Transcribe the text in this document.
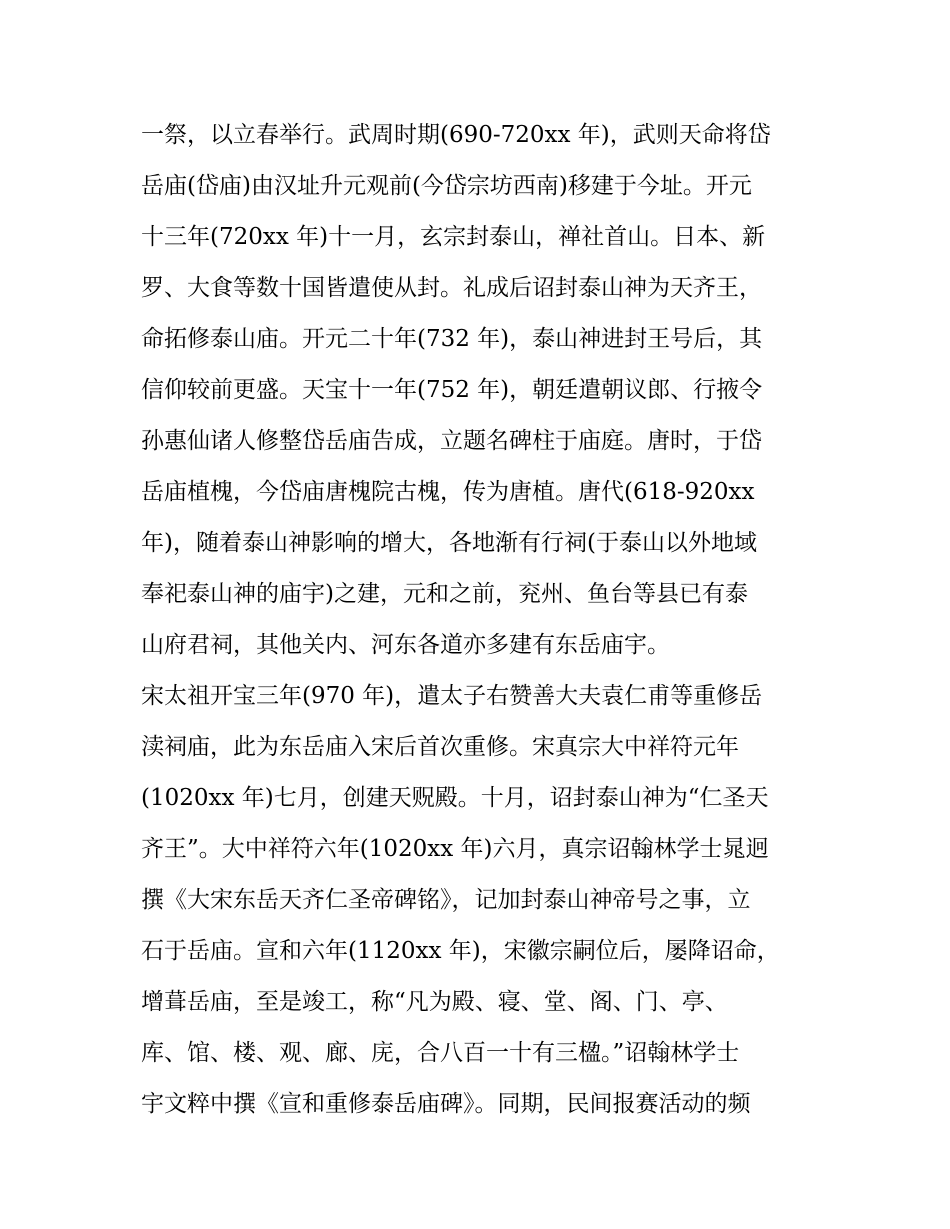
一祭，以立春举行。武周时期(690-720xx 年)，武则天命将岱

岳庙(岱庙)由汉址升元观前(今岱宗坊西南)移建于今址。开元

十三年(720xx 年)十一月，玄宗封泰山，禅社首山。日本、新

罗、大食等数十国皆遣使从封。礼成后诏封泰山神为天齐王，

命拓修泰山庙。开元二十年(732 年)，泰山神进封王号后，其

信仰较前更盛。天宝十一年(752 年)，朝廷遣朝议郎、行掖令

孙惠仙诸人修整岱岳庙告成，立题名碑柱于庙庭。唐时，于岱

岳庙植槐，今岱庙唐槐院古槐，传为唐植。唐代(618-920xx

年)，随着泰山神影响的增大，各地渐有行祠(于泰山以外地域

奉祀泰山神的庙宇)之建，元和之前，兖州、鱼台等县已有泰

山府君祠，其他关内、河东各道亦多建有东岳庙宇。

宋太祖开宝三年(970 年)，遣太子右赞善大夫袁仁甫等重修岳

渎祠庙，此为东岳庙入宋后首次重修。宋真宗大中祥符元年

(1020xx 年)七月，创建天贶殿。十月，诏封泰山神为“仁圣天

齐王”。大中祥符六年(1020xx 年)六月，真宗诏翰林学士晁迥

撰《大宋东岳天齐仁圣帝碑铭》，记加封泰山神帝号之事，立

石于岳庙。宣和六年(1120xx 年)，宋徽宗嗣位后，屡降诏命，

增葺岳庙，至是竣工，称“凡为殿、寝、堂、阁、门、亭、

库、馆、楼、观、廊、庑，合八百一十有三楹。”诏翰林学士

宇文粹中撰《宣和重修泰岳庙碑》。同期，民间报赛活动的频
